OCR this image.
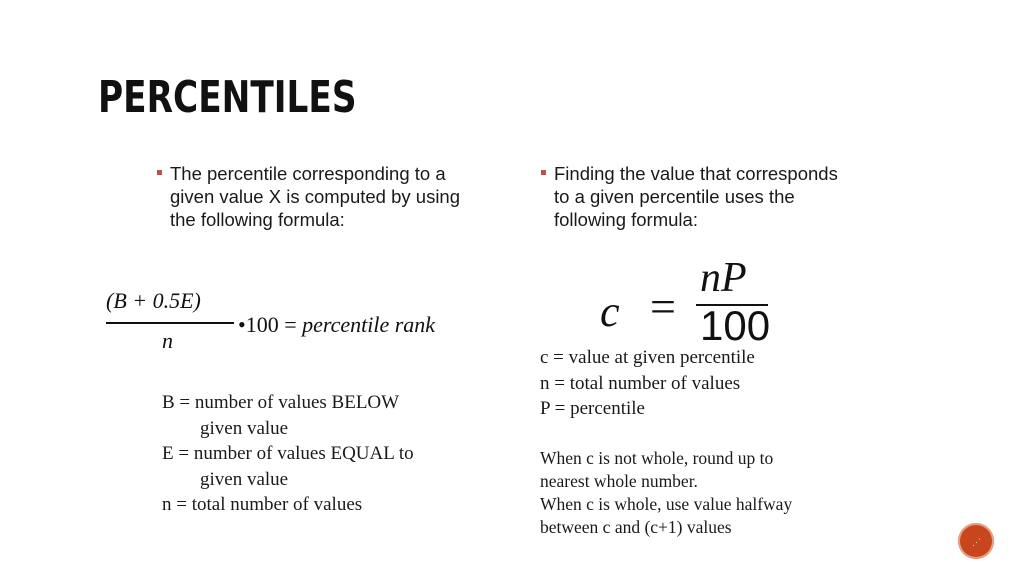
PERCENTILES
The percentile corresponding to a given value X is computed by using the following formula:
Finding the value that corresponds to a given percentile uses the following formula:
(B + 0.5E)
n
•100 = percentile rank
B = number of values BELOW
given value
E = number of values EQUAL to
given value
n = total number of values
c =
nP
100
c = value at given percentile
n = total number of values
P = percentile
When c is not whole, round up to
nearest whole number.
When c is whole, use value halfway
between c and (c+1) values
⋰
